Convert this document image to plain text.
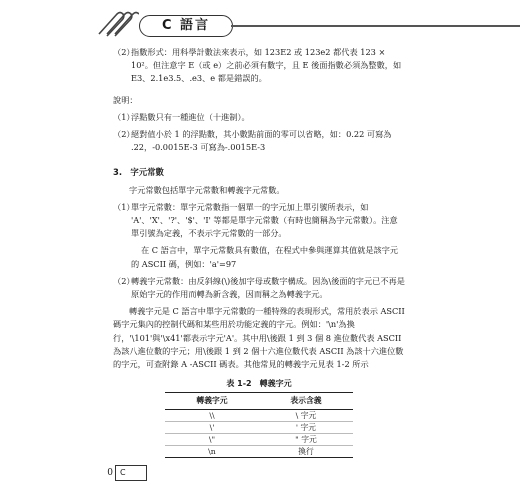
C 語言
（2）
指數形式：用科學計數法來表示，如 123E2 或 123e2 都代表 123 × 10²。但注意字 E（或 e）之前必須有數字，且 E 後面指數必須為整數，如 E3、2.1e3.5、.e3、e 都是錯誤的。

說明：

（1）
浮點數只有一種進位（十進制）。
（2）
絕對值小於 1 的浮點數，其小數點前面的零可以省略，如：0.22 可寫為 .22，-0.0015E-3 可寫為-.0015E-3

3.　字元常數

字元常數包括單字元常數和轉義字元常數。

（1）
單字元常數：單字元常數指一個單一的字元加上單引號所表示，如 'A'、'X'、'?'、'$'、'I' 等都是單字元常數（有時也簡稱為字元常數）。注意單引號為定義，不表示字元常數的一部分。

在 C 語言中，單字元常數具有數值，在程式中參與運算其值就是該字元的 ASCII 碼，例如：'a'=97

（2）
轉義字元常數：由反斜線(\)後加字母或數字構成。因為\後面的字元已不再是原始字元的作用而轉為新含義，因而稱之為轉義字元。

轉義字元是 C 語言中單字元常數的一種特殊的表現形式，常用於表示 ASCII 碼字元集內的控制代碼和某些用於功能定義的字元。例如：'\n'為換行，'\101'與'\x41'都表示字元'A'。其中用\後跟 1 到 3 個 8 進位數代表 ASCII 為該八進位數的字元；用\後跟 1 到 2 個十六進位數代表 ASCII 為該十六進位數的字元，可查附錄 A -ASCII 碼表。其他常見的轉義字元見表 1-2 所示

表 1-2　轉義字元

轉義字元	表示含義
\\	\ 字元
\'	' 字元
\"	" 字元
\n	換行
0 C
